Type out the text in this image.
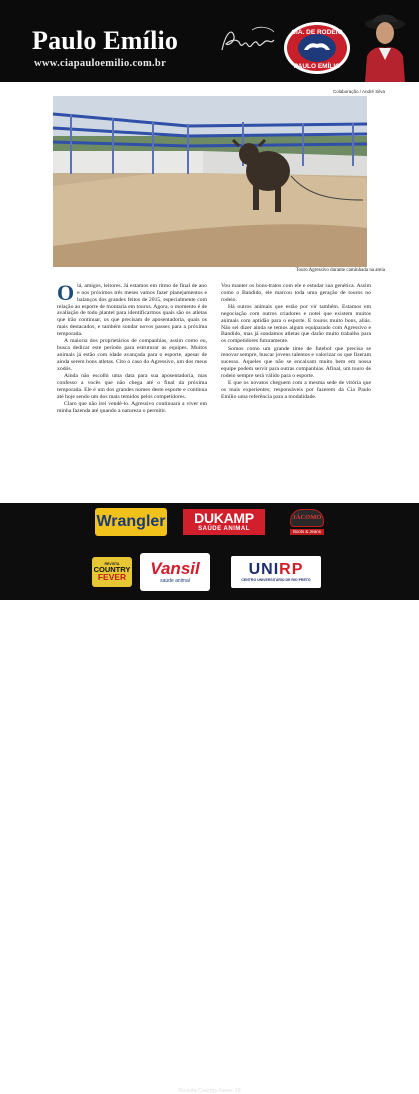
Paulo Emílio
www.ciapauloemilio.com.br
CIA. DE RODEIO
PAULO EMÍLIO
Colaboração / André Silva
Touro Agressivo durante caminhada na areia

Olá, amigos, leitores. Já estamos em ritmo de final de ano e nos próximos três meses vamos fazer planejamentos e balanços dos grandes feitos de 2015, especialmente com relação ao esporte de montaria em touros. Agora, o momento é de avaliação de todo plantel para identificarmos quais são os atletas que irão continuar, os que precisam de aposentadoria, quais os mais destacados, e também sondar novos passes para a próxima temporada.

A maioria dos proprietários de companhias, assim como eu, busca dedicar este período para estruturar as equipes. Muitos animais já estão com idade avançada para o esporte, apesar de ainda serem bons atletas. Cito o caso do Agressivo, um dos meus xodós.

Ainda não escolhi uma data para sua aposentadoria, mas confesso a vocês que não chega até o final da próxima temporada. Ele é um dos grandes nomes deste esporte e continua até hoje sendo um dos mais temidos pelos competidores.

Claro que não irei vendê-lo. Agressivo continuará a viver em minha fazenda até quando a natureza o permitir.

Vou manter os bons-tratos com ele e estudar sua genética. Assim como o Bandido, ele marcou toda uma geração de touros no rodeio.

Há outros animais que estão por vir também. Estamos em negociação com outros criadores e notei que existem muitos animais com aptidão para o esporte. E touros muito bons, aliás. Não sei dizer ainda se temos algum equiparado com Agressivo e Bandido, mas já sondamos atletas que darão muito trabalho para os competidores futuramente.

Somos como um grande time de futebol que precisa se renovar sempre, buscar jovens talentos e valorizar os que fizeram sucesso. Aqueles que não se encaixam muito bem em nossa equipe podem servir para outras companhias. Afinal, um touro de rodeio sempre será válido para o esporte.

E que os novatos cheguem com a mesma sede de vitória que os mais experientes; responsáveis por fazerem da Cia Paulo Emílio uma referência para a modalidade.

Wrangler DUKAMP
SAÚDE ANIMAL
JÁCOMO
Boots & Jeans
REVISTA
COUNTRY
FEVER Vansil
saúde animal
UNIRP
CENTRO UNIVERSITÁRIO DE RIO PRETO
Revista Country Fever 18
